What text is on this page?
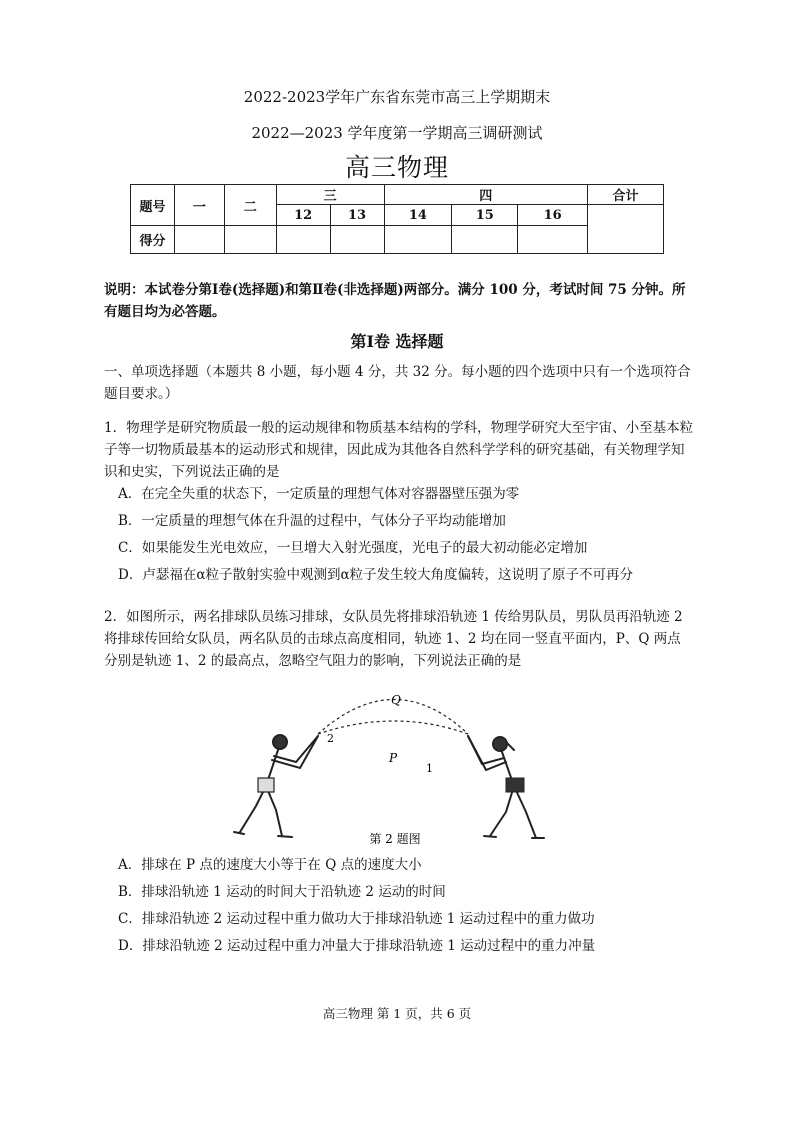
2022-2023学年广东省东莞市高三上学期期末
2022—2023 学年度第一学期高三调研测试
高三物理
题号	一	二	三		四			合计
			12	13	14	15	16	
得分								
说明：本试卷分第Ⅰ卷(选择题)和第Ⅱ卷(非选择题)两部分。满分 100 分，考试时间 75 分钟。所有题目均为必答题。
第Ⅰ卷 选择题
一、单项选择题（本题共 8 小题，每小题 4 分，共 32 分。每小题的四个选项中只有一个选项符合题目要求。）
1．物理学是研究物质最一般的运动规律和物质基本结构的学科，物理学研究大至宇宙、小至基本粒子等一切物质最基本的运动形式和规律，因此成为其他各自然科学学科的研究基础，有关物理学知识和史实，下列说法正确的是
A．在完全失重的状态下，一定质量的理想气体对容器器壁压强为零
B．一定质量的理想气体在升温的过程中，气体分子平均动能增加
C．如果能发生光电效应，一旦增大入射光强度，光电子的最大初动能必定增加
D．卢瑟福在α粒子散射实验中观测到α粒子发生较大角度偏转，这说明了原子不可再分
2．如图所示，两名排球队员练习排球，女队员先将排球沿轨迹 1 传给男队员，男队员再沿轨迹 2 将排球传回给女队员，两名队员的击球点高度相同，轨迹 1、2 均在同一竖直平面内，P、Q 两点分别是轨迹 1、2 的最高点，忽略空气阻力的影响，下列说法正确的是
Q
P
2
1
第 2 题图
A．排球在 P 点的速度大小等于在 Q 点的速度大小
B．排球沿轨迹 1 运动的时间大于沿轨迹 2 运动的时间
C．排球沿轨迹 2 运动过程中重力做功大于排球沿轨迹 1 运动过程中的重力做功
D．排球沿轨迹 2 运动过程中重力冲量大于排球沿轨迹 1 运动过程中的重力冲量
高三物理 第 1 页，共 6 页
